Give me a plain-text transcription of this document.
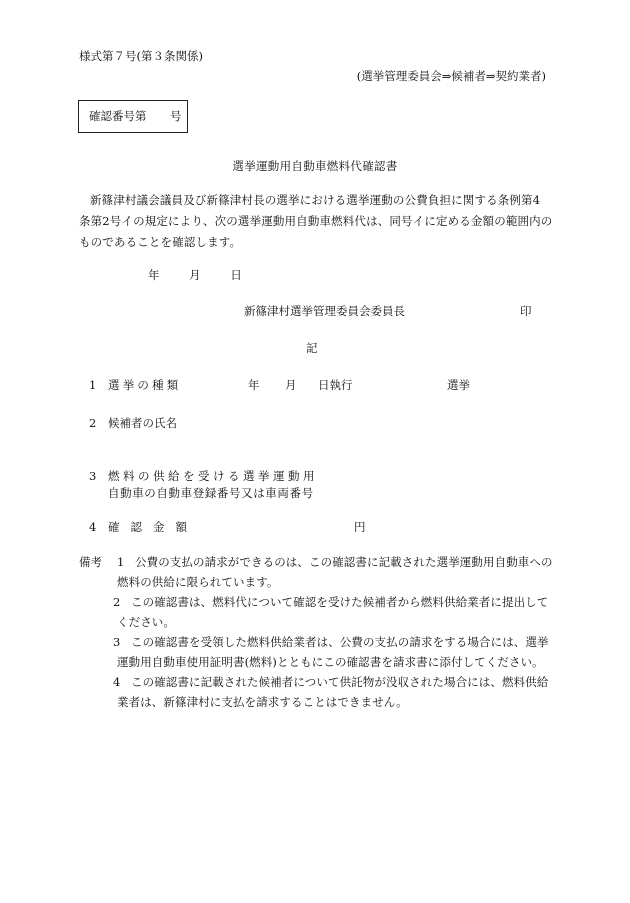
様式第７号(第３条関係)
(選挙管理委員会⇒候補者⇒契約業者)
確認番号第 号
選挙運動用自動車燃料代確認書
新篠津村議会議員及び新篠津村長の選挙における選挙運動の公費負担に関する条例第4
条第2号イの規定により、次の選挙運動用自動車燃料代は、同号イに定める金額の範囲内の
ものであることを確認します。
年	月	日
新篠津村選挙管理委員会委員長	印
記
1 選挙の種類	年 月 日執行	選挙
2 候補者の氏名
3 燃料の供給を受ける選挙運動用
自動車の自動車登録番号又は車両番号
4 確認金額	円
備考 1 公費の支払の請求ができるのは、この確認書に記載された選挙運動用自動車への
燃料の供給に限られています。
2 この確認書は、燃料代について確認を受けた候補者から燃料供給業者に提出して
ください。
3 この確認書を受領した燃料供給業者は、公費の支払の請求をする場合には、選挙
運動用自動車使用証明書(燃料)とともにこの確認書を請求書に添付してください。
4 この確認書に記載された候補者について供託物が没収された場合には、燃料供給
業者は、新篠津村に支払を請求することはできません。
